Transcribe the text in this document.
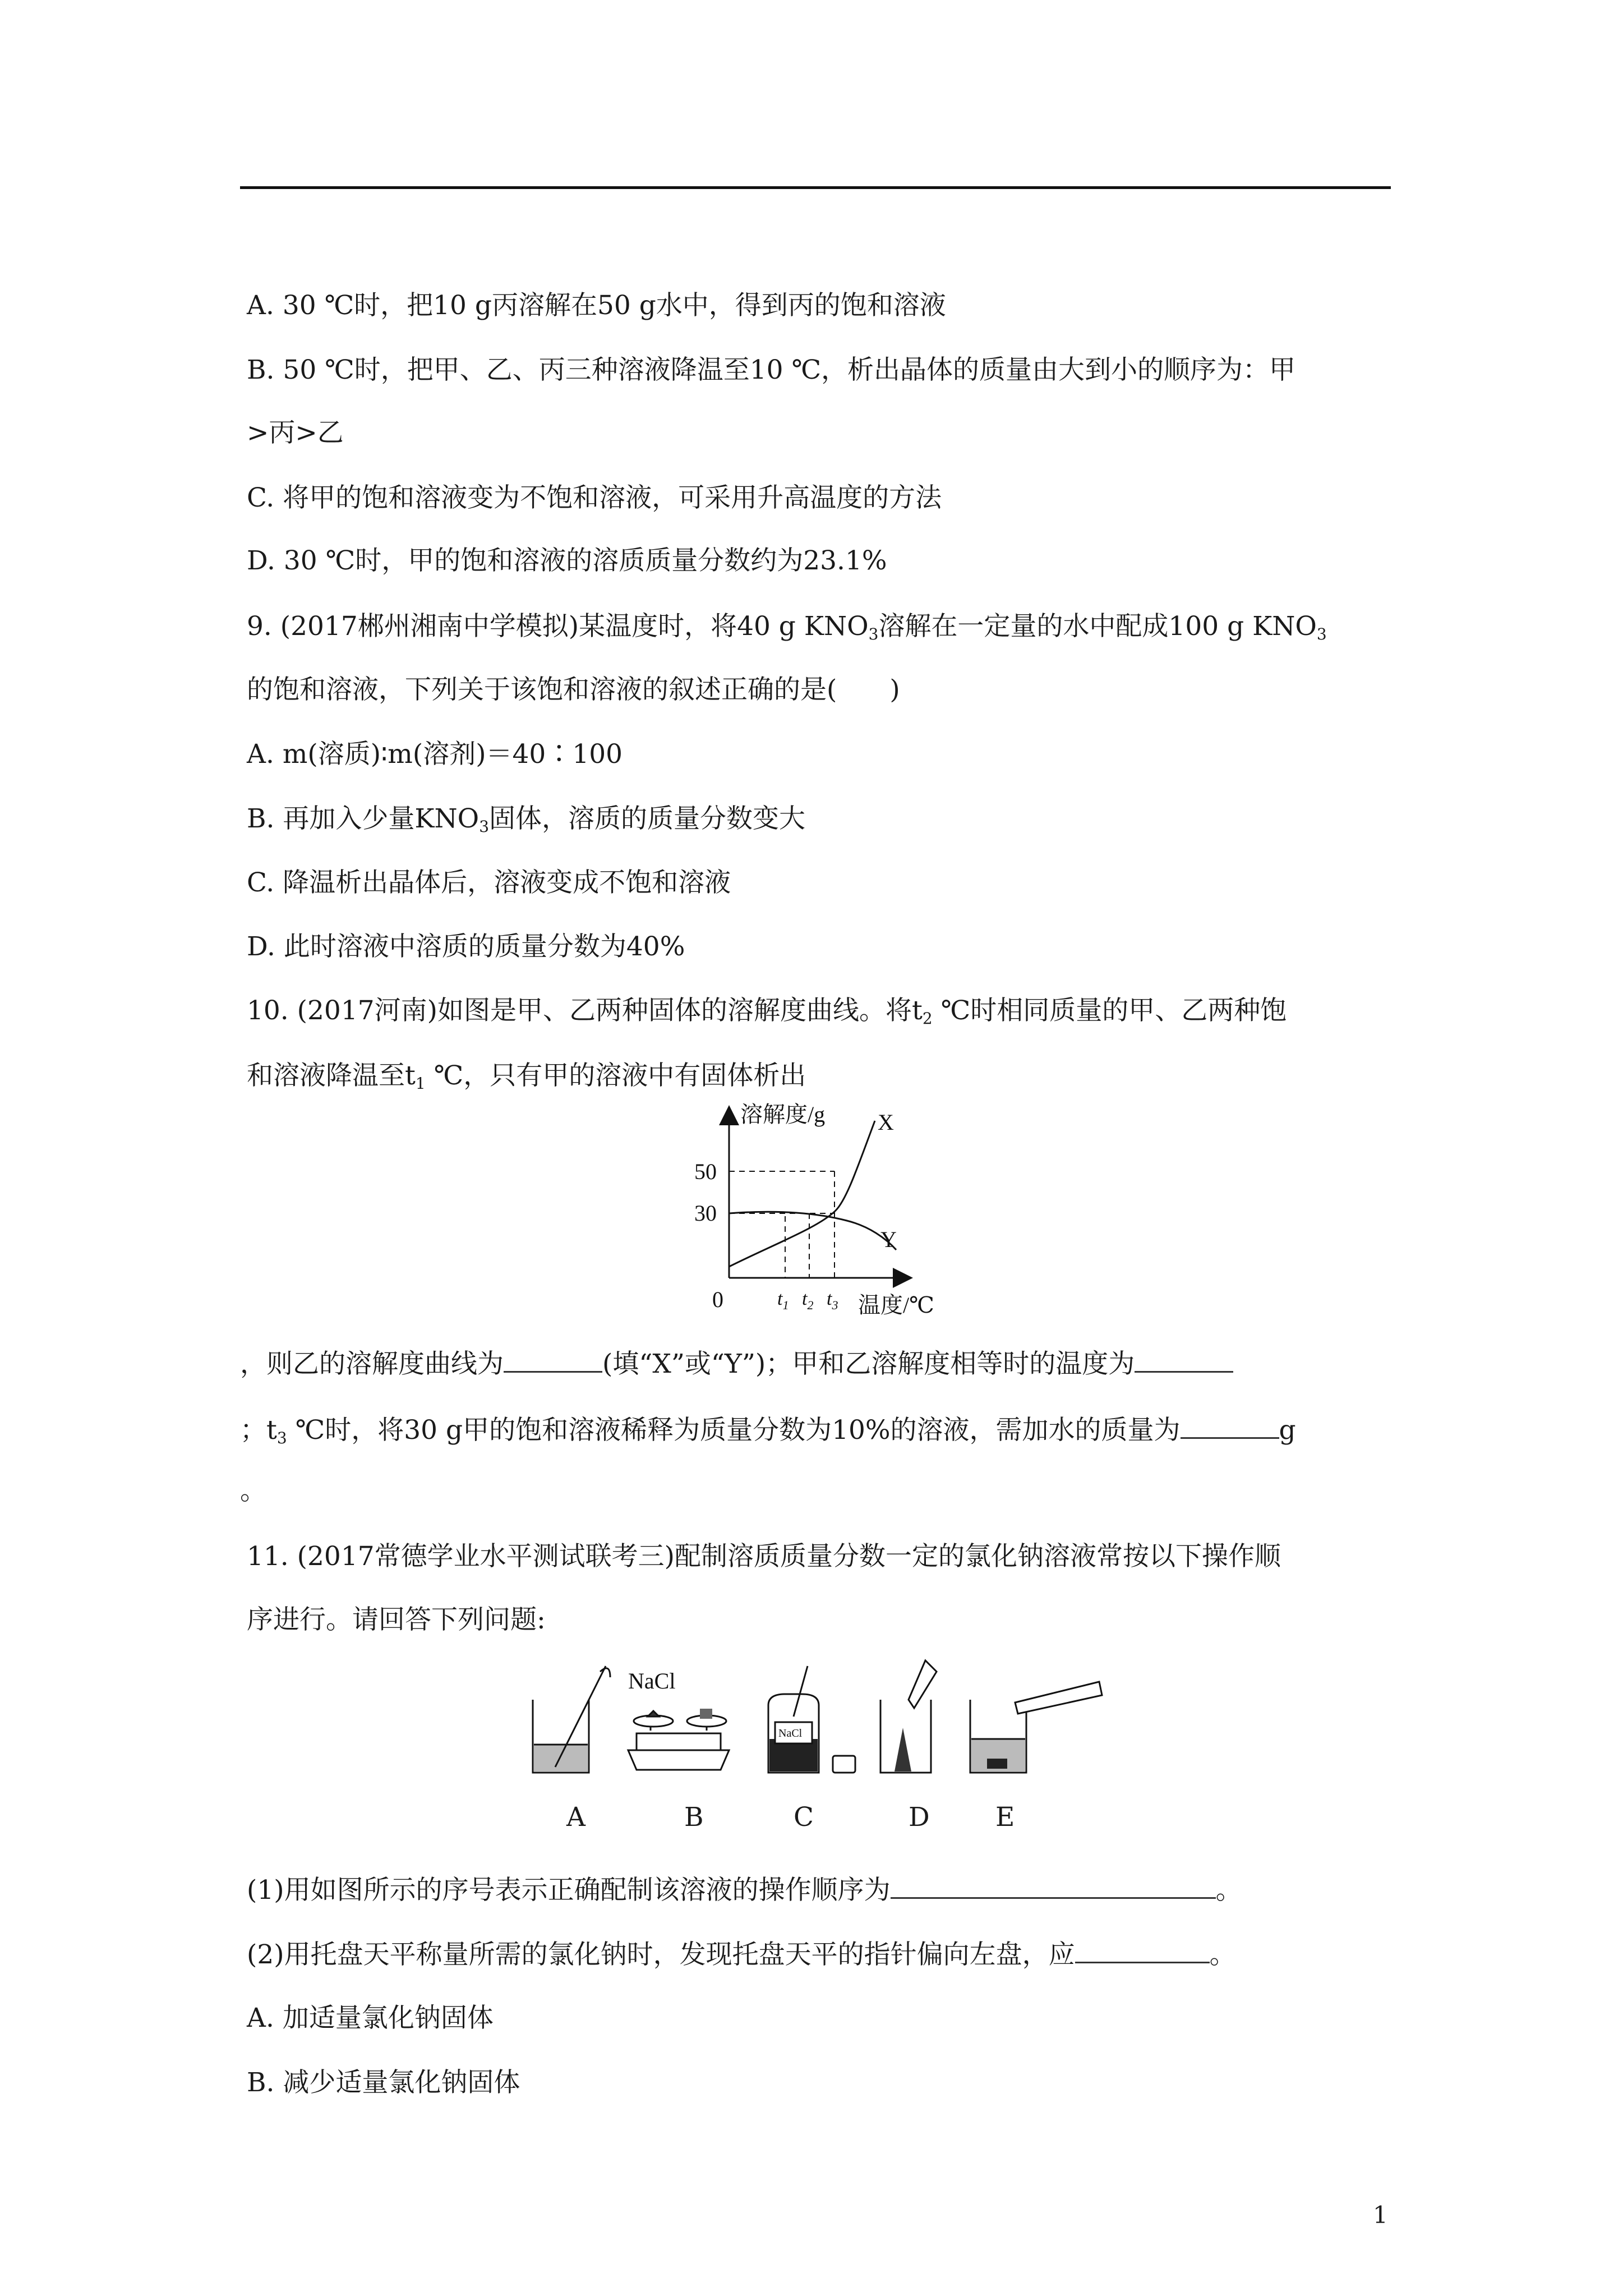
A. 30 ℃时，把10 g丙溶解在50 g水中，得到丙的饱和溶液
B. 50 ℃时，把甲、乙、丙三种溶液降温至10 ℃，析出晶体的质量由大到小的顺序为：甲
>丙>乙
C. 将甲的饱和溶液变为不饱和溶液，可采用升高温度的方法
D. 30 ℃时，甲的饱和溶液的溶质质量分数约为23.1%
9. (2017郴州湘南中学模拟)某温度时，将40 g $KNO_3$溶解在一定量的水中配成100 g $KNO_3$
的饱和溶液，下列关于该饱和溶液的叙述正确的是(　　)
A. m(溶质)∶m(溶剂)＝40∶100
B. 再加入少量$KNO_3$固体，溶质的质量分数变大
C. 降温析出晶体后，溶液变成不饱和溶液
D. 此时溶液中溶质的质量分数为40%
10. (2017河南)如图是甲、乙两种固体的溶解度曲线。将$t_2$ ℃时相同质量的甲、乙两种饱
和溶液降温至$t_1$ ℃，只有甲的溶液中有固体析出
溶解度/g X
Y
50
30
0	$t_1$ $t_2$ $t_3$ 温度/℃
，则乙的溶解度曲线为	(填“X”或“Y”)；甲和乙溶解度相等时的温度为
；$t_3$ ℃时，将30 g甲的饱和溶液稀释为质量分数为10%的溶液，需加水的质量为	g
。
11. (2017常德学业水平测试联考三)配制溶质质量分数一定的氯化钠溶液常按以下操作顺
序进行。请回答下列问题:
NaCl
NaCl
A	B	C	D E
(1)用如图所示的序号表示正确配制该溶液的操作顺序为	。
(2)用托盘天平称量所需的氯化钠时，发现托盘天平的指针偏向左盘，应	。
A. 加适量氯化钠固体
B. 减少适量氯化钠固体
1
